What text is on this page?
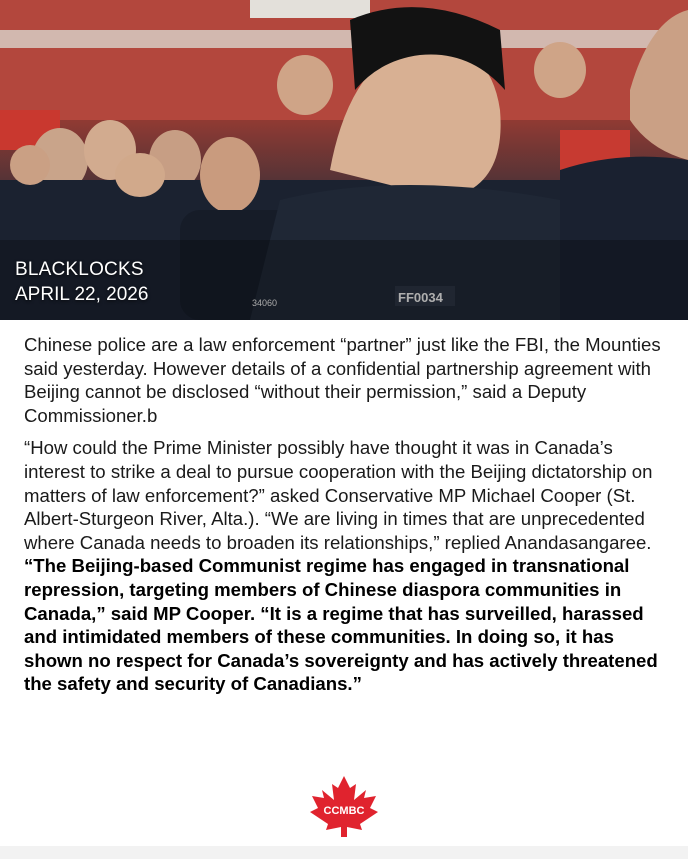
FF0034
34060
BLACKLOCKS
APRIL 22, 2026

Chinese police are a law enforcement “partner” just like the FBI, the Mounties said yesterday. However details of a confidential partnership agreement with Beijing cannot be disclosed “without their permission,” said a Deputy Commissioner.b

“How could the Prime Minister possibly have thought it was in Canada’s interest to strike a deal to pursue cooperation with the Beijing dictatorship on matters of law enforcement?” asked Conservative MP Michael Cooper (St. Albert-Sturgeon River, Alta.). “We are living in times that are unprecedented where Canada needs to broaden its relationships,” replied Anandasangaree. “The Beijing-based Communist regime has engaged in transnational repression, targeting members of Chinese diaspora communities in Canada,” said MP Cooper. “It is a regime that has surveilled, harassed and intimidated members of these communities. In doing so, it has shown no respect for Canada’s sovereignty and has actively threatened the safety and security of Canadians.”

CCMBC
